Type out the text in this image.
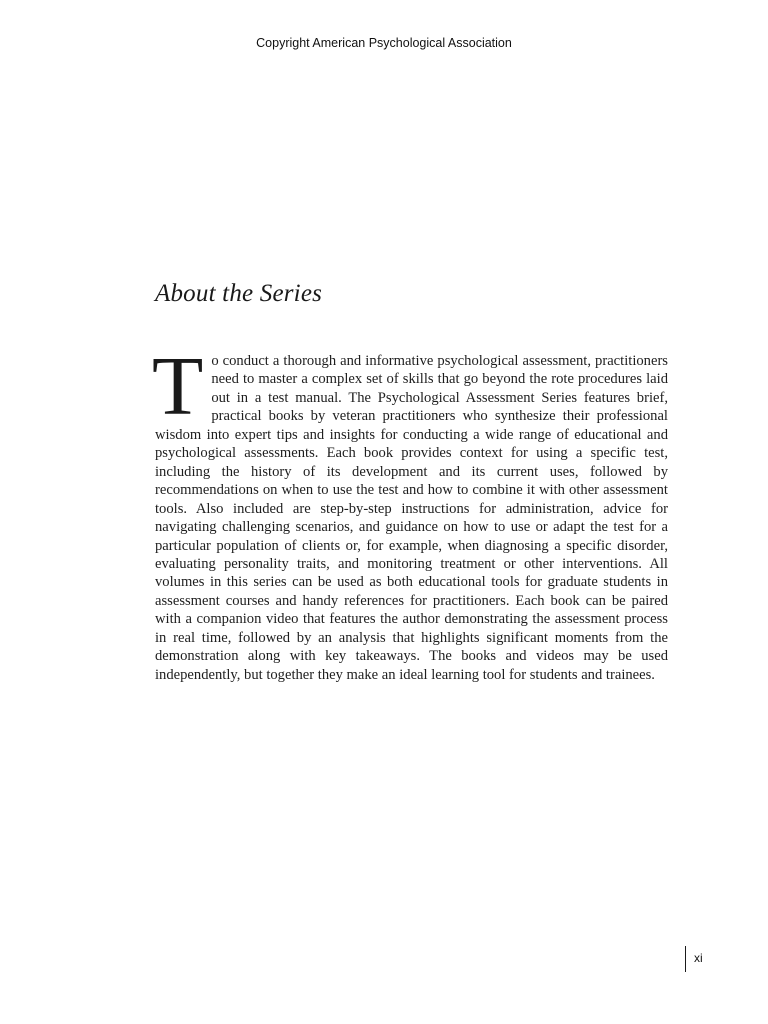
Copyright American Psychological Association
About the Series

To conduct a thorough and informative psychological assessment, practitioners need to master a complex set of skills that go beyond the rote procedures laid out in a test manual. The Psychological Assessment Series features brief, practical books by veteran practitioners who synthesize their professional wisdom into expert tips and insights for conducting a wide range of educational and psychological assessments. Each book provides context for using a specific test, including the history of its development and its current uses, followed by recommendations on when to use the test and how to combine it with other assessment tools. Also included are step-by-step instructions for administration, advice for navigating challenging scenarios, and guidance on how to use or adapt the test for a particular population of clients or, for example, when diagnosing a specific disorder, evaluating personality traits, and monitoring treatment or other interventions. All volumes in this series can be used as both educational tools for graduate students in assessment courses and handy references for practitioners. Each book can be paired with a companion video that features the author demonstrating the assessment process in real time, followed by an analysis that highlights significant moments from the demonstration along with key takeaways. The books and videos may be used independently, but together they make an ideal learning tool for students and trainees.

xi
